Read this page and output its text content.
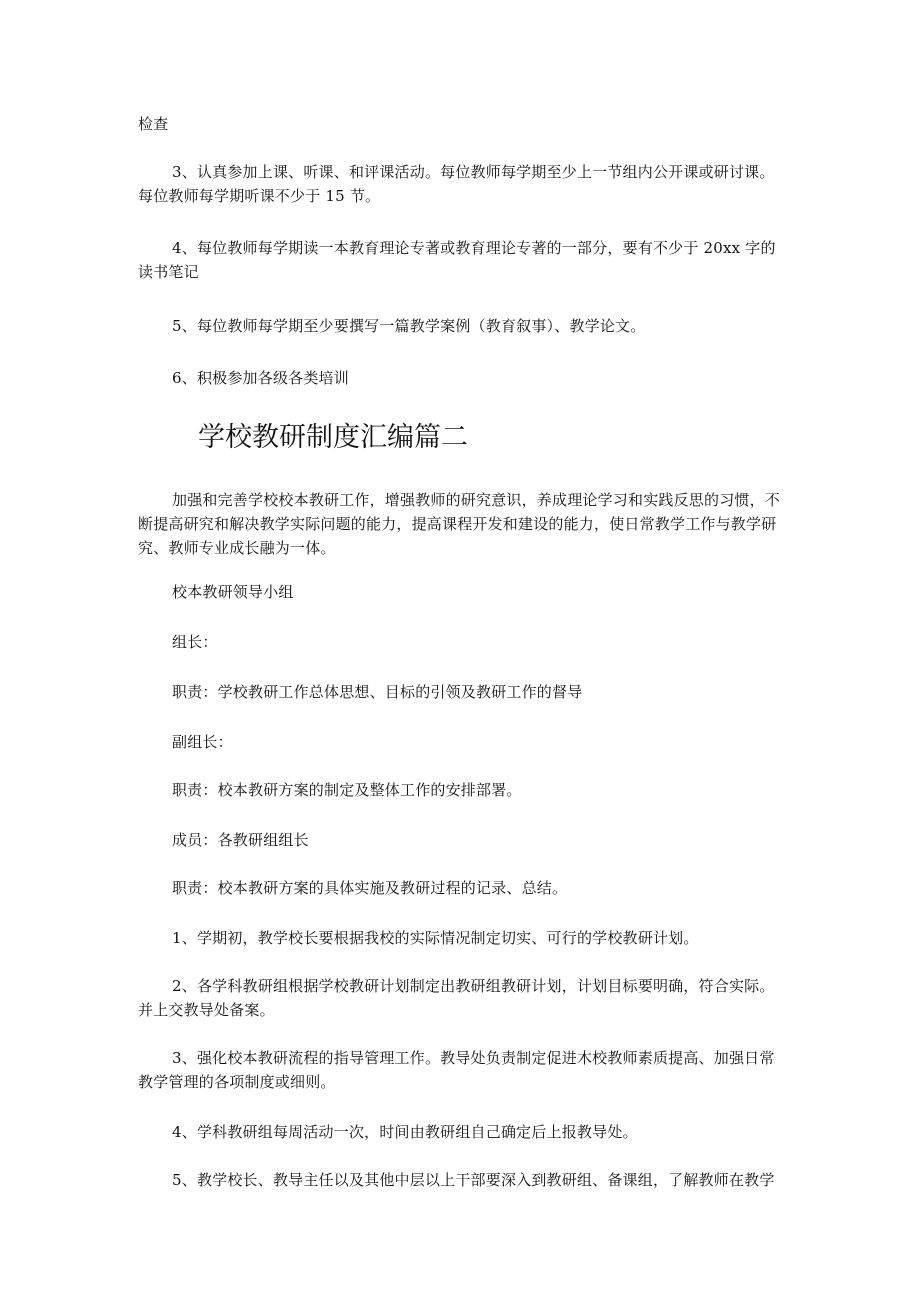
检查
3、认真参加上课、听课、和评课活动。每位教师每学期至少上一节组内公开课或研讨课。每位教师每学期听课不少于 15 节。
4、每位教师每学期读一本教育理论专著或教育理论专著的一部分，要有不少于 20xx 字的读书笔记
5、每位教师每学期至少要撰写一篇教学案例（教育叙事）、教学论文。
6、积极参加各级各类培训
学校教研制度汇编篇二
加强和完善学校校本教研工作，增强教师的研究意识，养成理论学习和实践反思的习惯，不断提高研究和解决教学实际问题的能力，提高课程开发和建设的能力，使日常教学工作与教学研究、教师专业成长融为一体。
校本教研领导小组
组长：
职责：学校教研工作总体思想、目标的引领及教研工作的督导
副组长：
职责：校本教研方案的制定及整体工作的安排部署。
成员：各教研组组长
职责：校本教研方案的具体实施及教研过程的记录、总结。
1、学期初，教学校长要根据我校的实际情况制定切实、可行的学校教研计划。
2、各学科教研组根据学校教研计划制定出教研组教研计划，计划目标要明确，符合实际。并上交教导处备案。
3、强化校本教研流程的指导管理工作。教导处负责制定促进木校教师素质提高、加强日常教学管理的各项制度或细则。
4、学科教研组每周活动一次，时间由教研组自己确定后上报教导处。
5、教学校长、教导主任以及其他中层以上干部要深入到教研组、备课组，了解教师在教学
